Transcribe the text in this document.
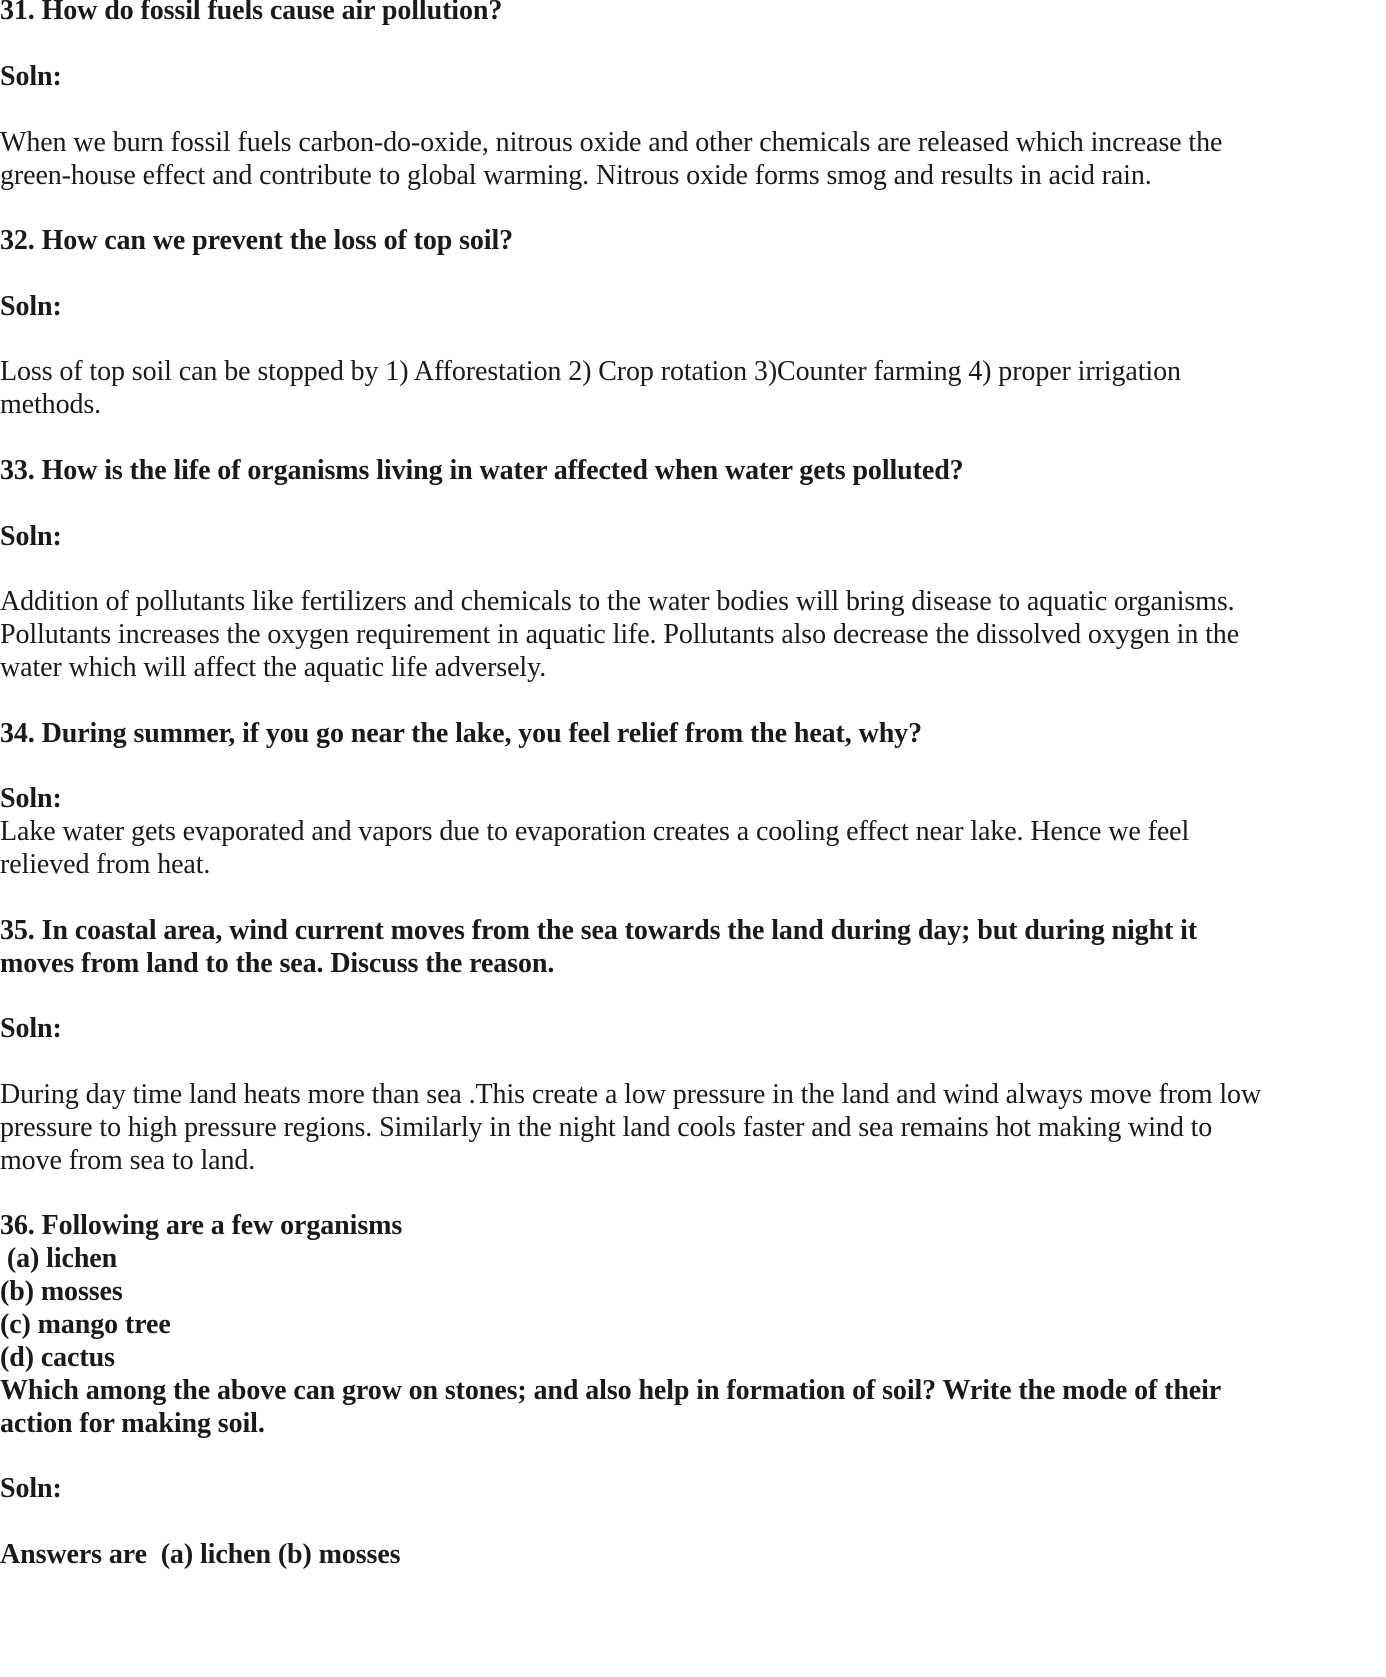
31. How do fossil fuels cause air pollution?
Soln:
When we burn fossil fuels carbon-do-oxide, nitrous oxide and other chemicals are released which increase the
green-house effect and contribute to global warming. Nitrous oxide forms smog and results in acid rain.
32. How can we prevent the loss of top soil?
Soln:
Loss of top soil can be stopped by 1) Afforestation 2) Crop rotation 3)Counter farming 4) proper irrigation
methods.
33. How is the life of organisms living in water affected when water gets polluted?
Soln:
Addition of pollutants like fertilizers and chemicals to the water bodies will bring disease to aquatic organisms.
Pollutants increases the oxygen requirement in aquatic life. Pollutants also decrease the dissolved oxygen in the
water which will affect the aquatic life adversely.
34. During summer, if you go near the lake, you feel relief from the heat, why?
Soln:
Lake water gets evaporated and vapors due to evaporation creates a cooling effect near lake. Hence we feel
relieved from heat.
35. In coastal area, wind current moves from the sea towards the land during day; but during night it
moves from land to the sea. Discuss the reason.
Soln:
During day time land heats more than sea .This create a low pressure in the land and wind always move from low
pressure to high pressure regions. Similarly in the night land cools faster and sea remains hot making wind to
move from sea to land.
36. Following are a few organisms
(a) lichen
(b) mosses
(c) mango tree
(d) cactus
Which among the above can grow on stones; and also help in formation of soil? Write the mode of their
action for making soil.
Soln:
Answers are  (a) lichen (b) mosses
